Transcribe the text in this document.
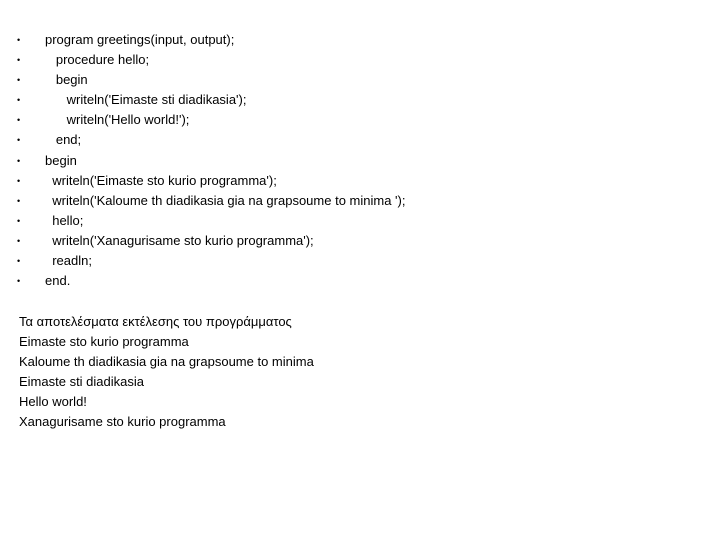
• program greetings(input, output);
• procedure hello;
• begin
• writeln('Eimaste sti diadikasia');
• writeln('Hello world!');
• end;
• begin
• writeln('Eimaste sto kurio programma');
• writeln('Kaloume th diadikasia gia na grapsoume to minima ');
• hello;
• writeln('Xanagurisame sto kurio programma');
• readln;
• end.
Τα αποτελέσματα εκτέλεσης του προγράμματος
Eimaste sto kurio programma
Kaloume th diadikasia gia na grapsoume to minima
Eimaste sti diadikasia
Hello world!
Xanagurisame sto kurio programma
